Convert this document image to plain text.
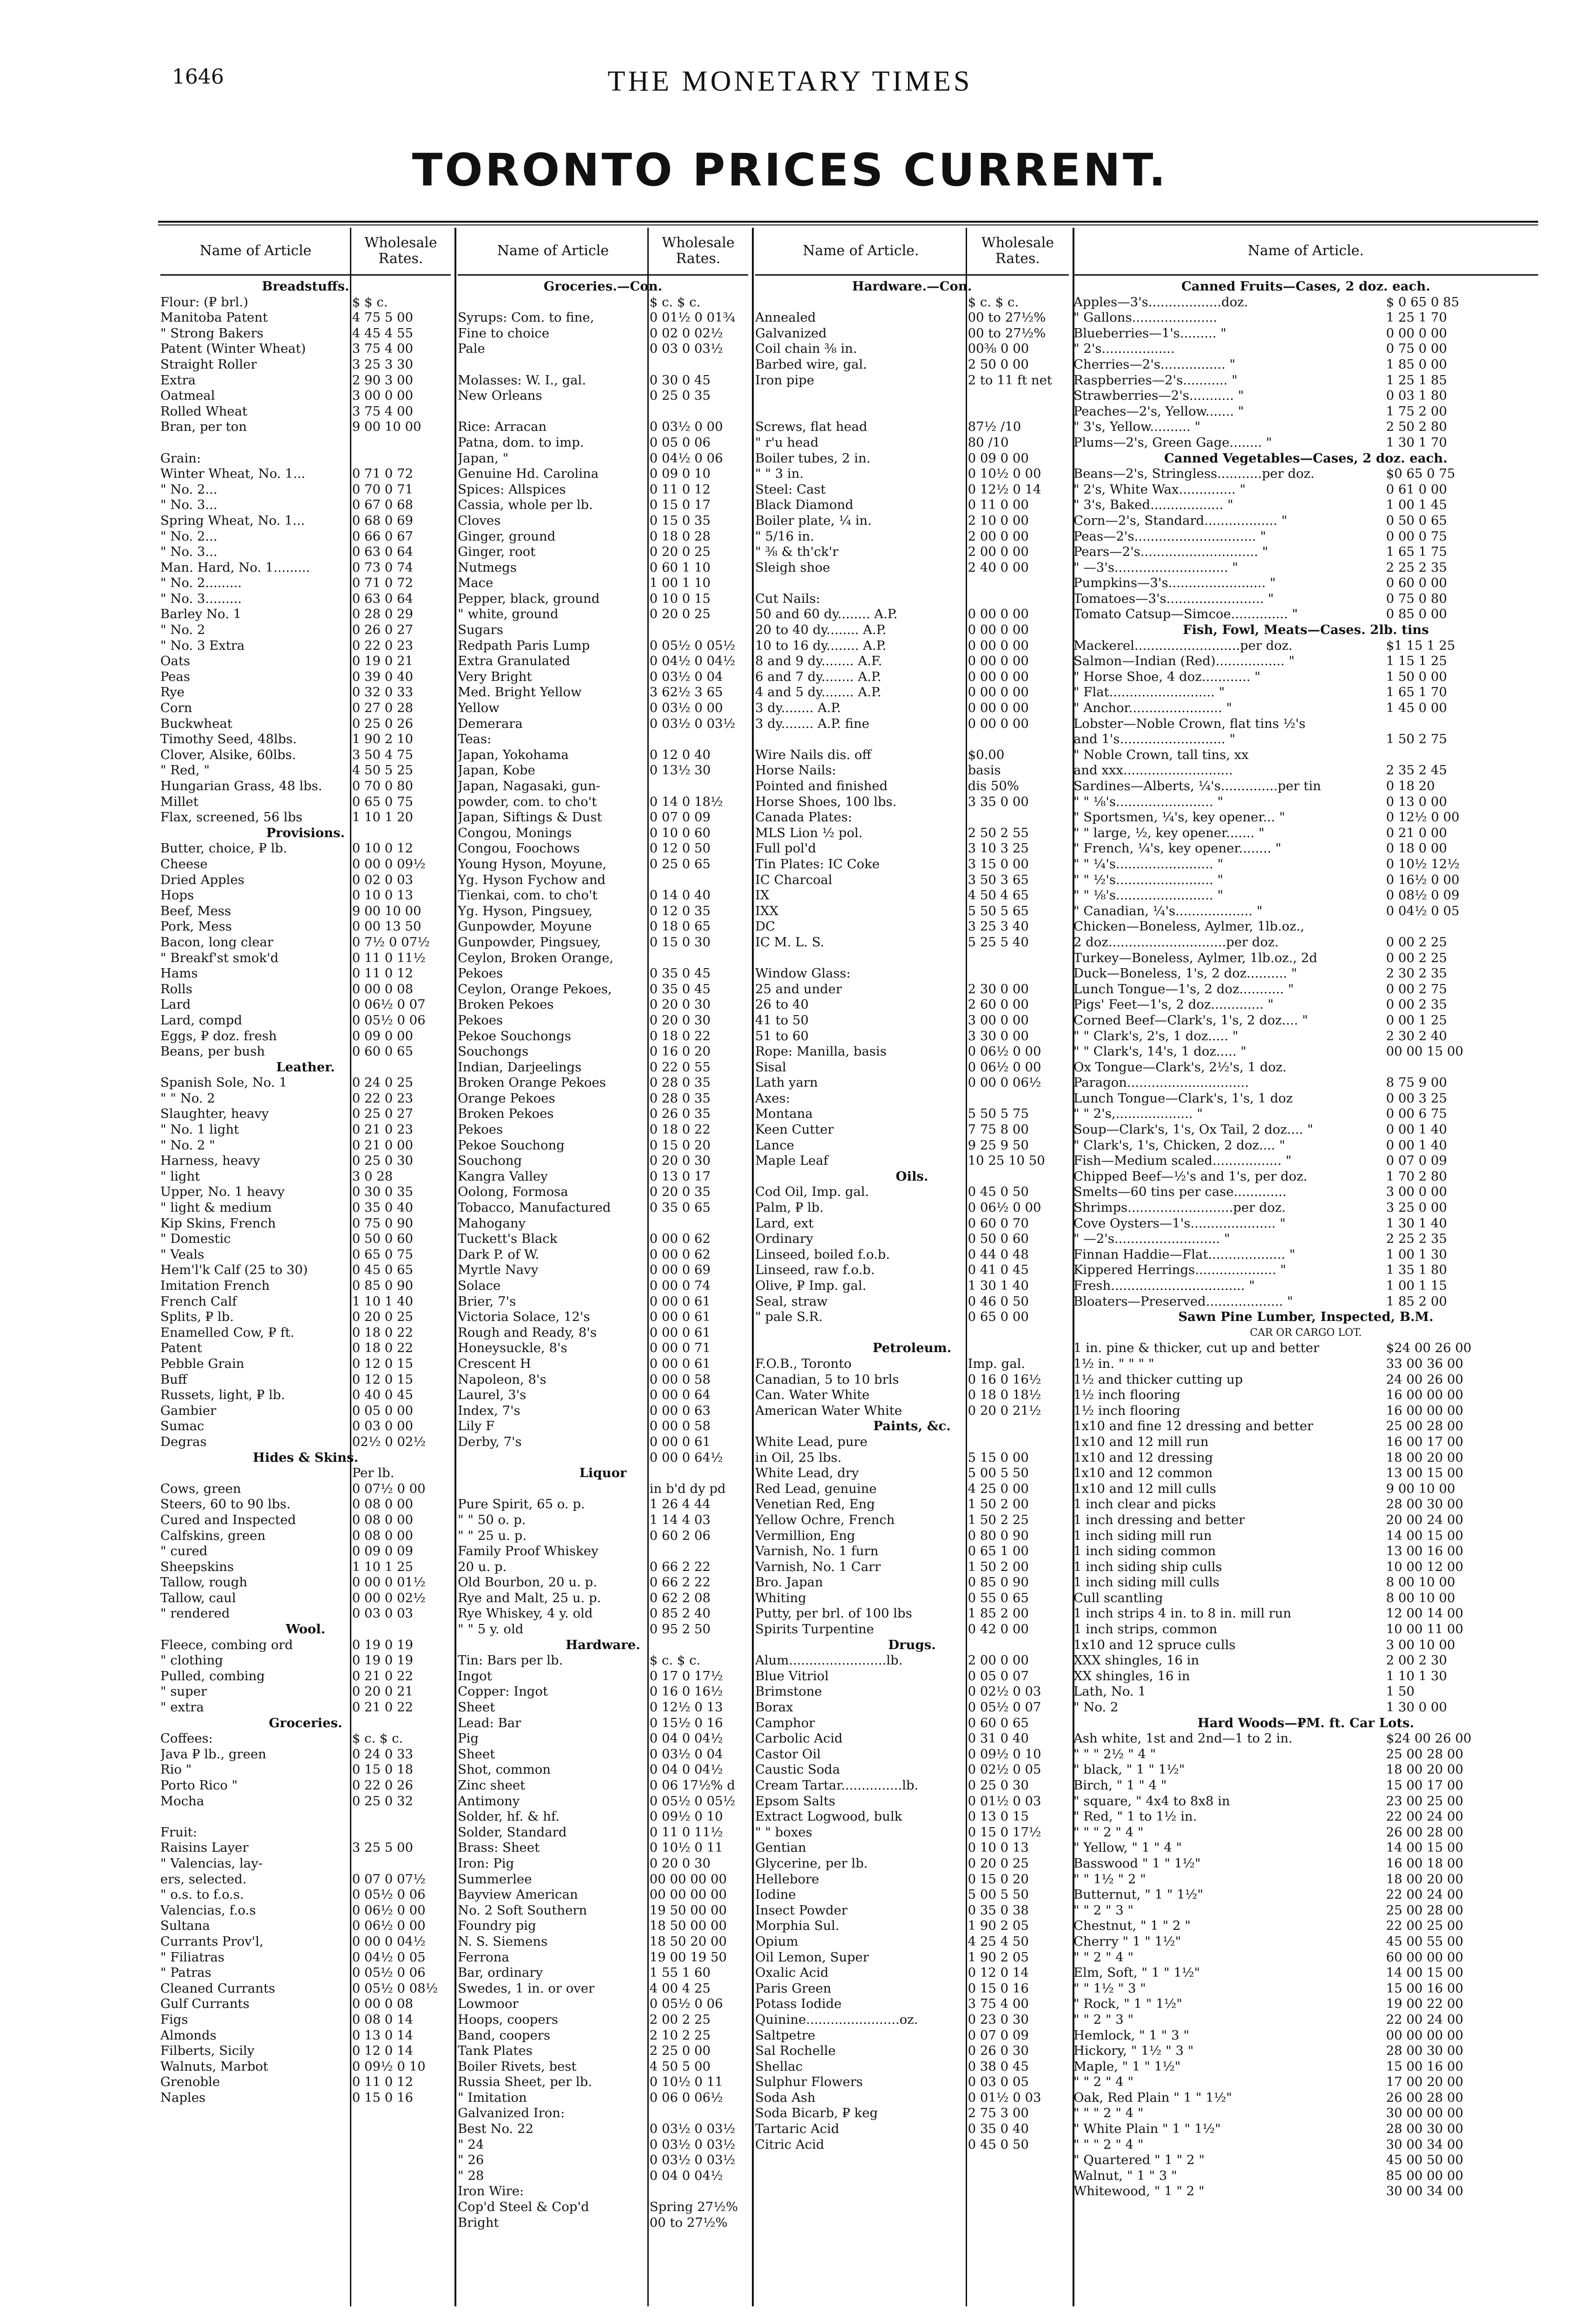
1646	THE MONETARY TIMES
TORONTO PRICES CURRENT.
Name of Article	Wholesale Rates.
Breadstuffs.
Flour: (₽ brl.)	$ $ c.
Manitoba Patent	4 75 5 00
" Strong Bakers	4 45 4 55
Patent (Winter Wheat)	3 75 4 00
Straight Roller	3 25 3 30
Extra	2 90 3 00
Oatmeal	3 00 0 00
Rolled Wheat	3 75 4 00
Bran, per ton	9 00 10 00
Grain:
Winter Wheat, No. 1...	0 71 0 72
" No. 2...	0 70 0 71
" No. 3...	0 67 0 68
Spring Wheat, No. 1...	0 68 0 69
" No. 2...	0 66 0 67
" No. 3...	0 63 0 64
Man. Hard, No. 1.........	0 73 0 74
" No. 2.........	0 71 0 72
" No. 3.........	0 63 0 64
Barley No. 1	0 28 0 29
" No. 2	0 26 0 27
" No. 3 Extra	0 22 0 23
Oats	0 19 0 21
Peas	0 39 0 40
Rye	0 32 0 33
Corn	0 27 0 28
Buckwheat	0 25 0 26
Timothy Seed, 48lbs.	1 90 2 10
Clover, Alsike, 60lbs.	3 50 4 75
" Red, "	4 50 5 25
Hungarian Grass, 48 lbs.	0 70 0 80
Millet	0 65 0 75
Flax, screened, 56 lbs	1 10 1 20
Provisions.
Butter, choice, ₽ lb.	0 10 0 12
Cheese	0 00 0 09½
Dried Apples	0 02 0 03
Hops	0 10 0 13
Beef, Mess	9 00 10 00
Pork, Mess	0 00 13 50
Bacon, long clear	0 7½ 0 07½
" Breakf'st smok'd	0 11 0 11½
Hams	0 11 0 12
Rolls	0 00 0 08
Lard	0 06½ 0 07
Lard, compd	0 05½ 0 06
Eggs, ₽ doz. fresh	0 09 0 00
Beans, per bush	0 60 0 65
Leather.
Spanish Sole, No. 1	0 24 0 25
" " No. 2	0 22 0 23
Slaughter, heavy	0 25 0 27
" No. 1 light	0 21 0 23
" No. 2 "	0 21 0 00
Harness, heavy	0 25 0 30
" light	3 0 28
Upper, No. 1 heavy	0 30 0 35
" light & medium	0 35 0 40
Kip Skins, French	0 75 0 90
" Domestic	0 50 0 60
" Veals	0 65 0 75
Hem'l'k Calf (25 to 30)	0 45 0 65
Imitation French	0 85 0 90
French Calf	1 10 1 40
Splits, ₽ lb.	0 20 0 25
Enamelled Cow, ₽ ft.	0 18 0 22
Patent	0 18 0 22
Pebble Grain	0 12 0 15
Buff	0 12 0 15
Russets, light, ₽ lb.	0 40 0 45
Gambier	0 05 0 00
Sumac	0 03 0 00
Degras	02½ 0 02½
Hides & Skins.
Per lb.
Cows, green	0 07½ 0 00
Steers, 60 to 90 lbs.	0 08 0 00
Cured and Inspected	0 08 0 00
Calfskins, green	0 08 0 00
" cured	0 09 0 09
Sheepskins	1 10 1 25
Tallow, rough	0 00 0 01½
Tallow, caul	0 00 0 02½
" rendered	0 03 0 03
Wool.
Fleece, combing ord	0 19 0 19
" clothing	0 19 0 19
Pulled, combing	0 21 0 22
" super	0 20 0 21
" extra	0 21 0 22
Groceries.
Coffees:	$ c. $ c.
Java ₽ lb., green	0 24 0 33
Rio "	0 15 0 18
Porto Rico "	0 22 0 26
Mocha	0 25 0 32
Fruit:
Raisins Layer	3 25 5 00
" Valencias, lay-
ers, selected.	0 07 0 07½
" o.s. to f.o.s.	0 05½ 0 06
Valencias, f.o.s	0 06½ 0 00
Sultana	0 06½ 0 00
Currants Prov'l,	0 00 0 04½
" Filiatras	0 04½ 0 05
" Patras	0 05½ 0 06
Cleaned Currants	0 05½ 0 08½
Gulf Currants	0 00 0 08
Figs	0 08 0 14
Almonds	0 13 0 14
Filberts, Sicily	0 12 0 14
Walnuts, Marbot	0 09½ 0 10
Grenoble	0 11 0 12
Naples	0 15 0 16
Name of Article	Wholesale Rates.
Groceries.—Con.
$ c. $ c.
Syrups: Com. to fine,	0 01½ 0 01¾
Fine to choice	0 02 0 02½
Pale	0 03 0 03½
Molasses: W. I., gal.	0 30 0 45
New Orleans	0 25 0 35
Rice: Arracan	0 03½ 0 00
Patna, dom. to imp.	0 05 0 06
Japan, "	0 04½ 0 06
Genuine Hd. Carolina	0 09 0 10
Spices: Allspices	0 11 0 12
Cassia, whole per lb.	0 15 0 17
Cloves	0 15 0 35
Ginger, ground	0 18 0 28
Ginger, root	0 20 0 25
Nutmegs	0 60 1 10
Mace	1 00 1 10
Pepper, black, ground	0 10 0 15
" white, ground	0 20 0 25
Sugars
Redpath Paris Lump	0 05½ 0 05½
Extra Granulated	0 04½ 0 04½
Very Bright	0 03½ 0 04
Med. Bright Yellow	3 62½ 3 65
Yellow	0 03½ 0 00
Demerara	0 03½ 0 03½
Teas:
Japan, Yokohama	0 12 0 40
Japan, Kobe	0 13½ 30
Japan, Nagasaki, gun-
powder, com. to cho't	0 14 0 18½
Japan, Siftings & Dust	0 07 0 09
Congou, Monings	0 10 0 60
Congou, Foochows	0 12 0 50
Young Hyson, Moyune,	0 25 0 65
Yg. Hyson Fychow and
Tienkai, com. to cho't	0 14 0 40
Yg. Hyson, Pingsuey,	0 12 0 35
Gunpowder, Moyune	0 18 0 65
Gunpowder, Pingsuey,	0 15 0 30
Ceylon, Broken Orange,
Pekoes	0 35 0 45
Ceylon, Orange Pekoes,	0 35 0 45
Broken Pekoes	0 20 0 30
Pekoes	0 20 0 30
Pekoe Souchongs	0 18 0 22
Souchongs	0 16 0 20
Indian, Darjeelings	0 22 0 55
Broken Orange Pekoes	0 28 0 35
Orange Pekoes	0 28 0 35
Broken Pekoes	0 26 0 35
Pekoes	0 18 0 22
Pekoe Souchong	0 15 0 20
Souchong	0 20 0 30
Kangra Valley	0 13 0 17
Oolong, Formosa	0 20 0 35
Tobacco, Manufactured	0 35 0 65
Mahogany
Tuckett's Black	0 00 0 62
Dark P. of W.	0 00 0 62
Myrtle Navy	0 00 0 69
Solace	0 00 0 74
Brier, 7's	0 00 0 61
Victoria Solace, 12's	0 00 0 61
Rough and Ready, 8's	0 00 0 61
Honeysuckle, 8's	0 00 0 71
Crescent H	0 00 0 61
Napoleon, 8's	0 00 0 58
Laurel, 3's	0 00 0 64
Index, 7's	0 00 0 63
Lily F	0 00 0 58
Derby, 7's	0 00 0 61
0 00 0 64½
Liquor
in b'd dy pd
Pure Spirit, 65 o. p.	1 26 4 44
" " 50 o. p.	1 14 4 03
" " 25 u. p.	0 60 2 06
Family Proof Whiskey
20 u. p.	0 66 2 22
Old Bourbon, 20 u. p.	0 66 2 22
Rye and Malt, 25 u. p.	0 62 2 08
Rye Whiskey, 4 y. old	0 85 2 40
" " 5 y. old	0 95 2 50
Hardware.
Tin: Bars per lb.	$ c. $ c.
Ingot	0 17 0 17½
Copper: Ingot	0 16 0 16½
Sheet	0 12½ 0 13
Lead: Bar	0 15½ 0 16
Pig	0 04 0 04½
Sheet	0 03½ 0 04
Shot, common	0 04 0 04½
Zinc sheet	0 06 17½% d
Antimony	0 05½ 0 05½
Solder, hf. & hf.	0 09½ 0 10
Solder, Standard	0 11 0 11½
Brass: Sheet	0 10½ 0 11
Iron: Pig	0 20 0 30
Summerlee	00 00 00 00
Bayview American	00 00 00 00
No. 2 Soft Southern	19 50 00 00
Foundry pig	18 50 00 00
N. S. Siemens	18 50 20 00
Ferrona	19 00 19 50
Bar, ordinary	1 55 1 60
Swedes, 1 in. or over	4 00 4 25
Lowmoor	0 05½ 0 06
Hoops, coopers	2 00 2 25
Band, coopers	2 10 2 25
Tank Plates	2 25 0 00
Boiler Rivets, best	4 50 5 00
Russia Sheet, per lb.	0 10½ 0 11
" Imitation	0 06 0 06½
Galvanized Iron:
Best No. 22	0 03½ 0 03½
" 24	0 03½ 0 03½
" 26	0 03½ 0 03½
" 28	0 04 0 04½
Iron Wire:
Cop'd Steel & Cop'd	Spring 27½%
Bright	00 to 27½%
Name of Article.	Wholesale Rates.
Hardware.—Con.
$ c. $ c.
Annealed	00 to 27½%
Galvanized	00 to 27½%
Coil chain ⅜ in.	00⅜ 0 00
Barbed wire, gal.	2 50 0 00
Iron pipe	2 to 11 ft net
Screws, flat head	87½ /10
" r'u head	80 /10
Boiler tubes, 2 in.	0 09 0 00
" " 3 in.	0 10½ 0 00
Steel: Cast	0 12½ 0 14
Black Diamond	0 11 0 00
Boiler plate, ¼ in.	2 10 0 00
" 5/16 in.	2 00 0 00
" ⅜ & th'ck'r	2 00 0 00
Sleigh shoe	2 40 0 00
Cut Nails:
50 and 60 dy........ A.P.	0 00 0 00
20 to 40 dy........ A.P.	0 00 0 00
10 to 16 dy........ A.P.	0 00 0 00
8 and 9 dy........ A.F.	0 00 0 00
6 and 7 dy........ A.P.	0 00 0 00
4 and 5 dy........ A.P.	0 00 0 00
3 dy........ A.P.	0 00 0 00
3 dy........ A.P. fine	0 00 0 00
Wire Nails dis. off	$0.00
Horse Nails:	basis
Pointed and finished	dis 50%
Horse Shoes, 100 lbs.	3 35 0 00
Canada Plates:
MLS Lion ½ pol.	2 50 2 55
Full pol'd	3 10 3 25
Tin Plates: IC Coke	3 15 0 00
IC Charcoal	3 50 3 65
IX	4 50 4 65
IXX	5 50 5 65
DC	3 25 3 40
IC M. L. S.	5 25 5 40
Window Glass:
25 and under	2 30 0 00
26 to 40	2 60 0 00
41 to 50	3 00 0 00
51 to 60	3 30 0 00
Rope: Manilla, basis	0 06½ 0 00
Sisal	0 06½ 0 00
Lath yarn	0 00 0 06½
Axes:
Montana	5 50 5 75
Keen Cutter	7 75 8 00
Lance	9 25 9 50
Maple Leaf	10 25 10 50
Oils.
Cod Oil, Imp. gal.	0 45 0 50
Palm, ₽ lb.	0 06½ 0 00
Lard, ext	0 60 0 70
Ordinary	0 50 0 60
Linseed, boiled f.o.b.	0 44 0 48
Linseed, raw f.o.b.	0 41 0 45
Olive, ₽ Imp. gal.	1 30 1 40
Seal, straw	0 46 0 50
" pale S.R.	0 65 0 00
Petroleum.
F.O.B., Toronto	Imp. gal.
Canadian, 5 to 10 brls	0 16 0 16½
Can. Water White	0 18 0 18½
American Water White	0 20 0 21½
Paints, &c.
White Lead, pure
in Oil, 25 lbs.	5 15 0 00
White Lead, dry	5 00 5 50
Red Lead, genuine	4 25 0 00
Venetian Red, Eng	1 50 2 00
Yellow Ochre, French	1 50 2 25
Vermillion, Eng	0 80 0 90
Varnish, No. 1 furn	0 65 1 00
Varnish, No. 1 Carr	1 50 2 00
Bro. Japan	0 85 0 90
Whiting	0 55 0 65
Putty, per brl. of 100 lbs	1 85 2 00
Spirits Turpentine	0 42 0 00
Drugs.
Alum........................lb.	2 00 0 00
Blue Vitriol	0 05 0 07
Brimstone	0 02½ 0 03
Borax	0 05½ 0 07
Camphor	0 60 0 65
Carbolic Acid	0 31 0 40
Castor Oil	0 09½ 0 10
Caustic Soda	0 02½ 0 05
Cream Tartar...............lb.	0 25 0 30
Epsom Salts	0 01½ 0 03
Extract Logwood, bulk	0 13 0 15
" " boxes	0 15 0 17½
Gentian	0 10 0 13
Glycerine, per lb.	0 20 0 25
Hellebore	0 15 0 20
Iodine	5 00 5 50
Insect Powder	0 35 0 38
Morphia Sul.	1 90 2 05
Opium	4 25 4 50
Oil Lemon, Super	1 90 2 05
Oxalic Acid	0 12 0 14
Paris Green	0 15 0 16
Potass Iodide	3 75 4 00
Quinine.......................oz.	0 23 0 30
Saltpetre	0 07 0 09
Sal Rochelle	0 26 0 30
Shellac	0 38 0 45
Sulphur Flowers	0 03 0 05
Soda Ash	0 01½ 0 03
Soda Bicarb, ₽ keg	2 75 3 00
Tartaric Acid	0 35 0 40
Citric Acid	0 45 0 50
Name of Article.
Canned Fruits—Cases, 2 doz. each.
Apples—3's..................doz.	$ 0 65 0 85
" Gallons.....................	1 25 1 70
Blueberries—1's......... "	0 00 0 00
" 2's..................	0 75 0 00
Cherries—2's................ "	1 85 0 00
Raspberries—2's........... "	1 25 1 85
Strawberries—2's........... "	0 03 1 80
Peaches—2's, Yellow....... "	1 75 2 00
" 3's, Yellow.......... "	2 50 2 80
Plums—2's, Green Gage........ "	1 30 1 70
Canned Vegetables—Cases, 2 doz. each.
Beans—2's, Stringless...........per doz.	$0 65 0 75
" 2's, White Wax.............. "	0 61 0 00
" 3's, Baked.................. "	1 00 1 45
Corn—2's, Standard.................. "	0 50 0 65
Peas—2's.............................. "	0 00 0 75
Pears—2's............................. "	1 65 1 75
" —3's............................ "	2 25 2 35
Pumpkins—3's........................ "	0 60 0 00
Tomatoes—3's........................ "	0 75 0 80
Tomato Catsup—Simcoe.............. "	0 85 0 00
Fish, Fowl, Meats—Cases. 2lb. tins
Mackerel..........................per doz.	$1 15 1 25
Salmon—Indian (Red)................. "	1 15 1 25
" Horse Shoe, 4 doz............ "	1 50 0 00
" Flat.......................... "	1 65 1 70
" Anchor....................... "	1 45 0 00
Lobster—Noble Crown, flat tins ½'s
and 1's.......................... "	1 50 2 75
" Noble Crown, tall tins, xx
and xxx...........................	2 35 2 45
Sardines—Alberts, ¼'s..............per tin	0 18 20
" " ⅛'s........................ "	0 13 0 00
" Sportsmen, ¼'s, key opener... "	0 12½ 0 00
" " large, ½, key opener....... "	0 21 0 00
" French, ¼'s, key opener........ "	0 18 0 00
" " ¼'s........................ "	0 10½ 12½
" " ½'s........................ "	0 16½ 0 00
" " ⅛'s........................ "	0 08½ 0 09
" Canadian, ¼'s................... "	0 04½ 0 05
Chicken—Boneless, Aylmer, 1lb.oz.,
2 doz.............................per doz.	0 00 2 25
Turkey—Boneless, Aylmer, 1lb.oz., 2d	0 00 2 25
Duck—Boneless, 1's, 2 doz.......... "	2 30 2 35
Lunch Tongue—1's, 2 doz........... "	0 00 2 75
Pigs' Feet—1's, 2 doz............. "	0 00 2 35
Corned Beef—Clark's, 1's, 2 doz.... "	0 00 1 25
" " Clark's, 2's, 1 doz..... "	2 30 2 40
" " Clark's, 14's, 1 doz..... "	00 00 15 00
Ox Tongue—Clark's, 2½'s, 1 doz.
Paragon..............................	8 75 9 00
Lunch Tongue—Clark's, 1's, 1 doz	0 00 3 25
" " 2's,................... "	0 00 6 75
Soup—Clark's, 1's, Ox Tail, 2 doz.... "	0 00 1 40
" Clark's, 1's, Chicken, 2 doz.... "	0 00 1 40
Fish—Medium scaled................. "	0 07 0 09
Chipped Beef—½'s and 1's, per doz.	1 70 2 80
Smelts—60 tins per case.............	3 00 0 00
Shrimps..........................per doz.	3 25 0 00
Cove Oysters—1's..................... "	1 30 1 40
" —2's.......................... "	2 25 2 35
Finnan Haddie—Flat................... "	1 00 1 30
Kippered Herrings.................... "	1 35 1 80
Fresh................................. "	1 00 1 15
Bloaters—Preserved................... "	1 85 2 00
Sawn Pine Lumber, Inspected, B.M.
CAR OR CARGO LOT.
1 in. pine & thicker, cut up and better	$24 00 26 00
1½ in. " " " "	33 00 36 00
1½ and thicker cutting up	24 00 26 00
1½ inch flooring	16 00 00 00
1½ inch flooring	16 00 00 00
1x10 and fine 12 dressing and better	25 00 28 00
1x10 and 12 mill run	16 00 17 00
1x10 and 12 dressing	18 00 20 00
1x10 and 12 common	13 00 15 00
1x10 and 12 mill culls	9 00 10 00
1 inch clear and picks	28 00 30 00
1 inch dressing and better	20 00 24 00
1 inch siding mill run	14 00 15 00
1 inch siding common	13 00 16 00
1 inch siding ship culls	10 00 12 00
1 inch siding mill culls	8 00 10 00
Cull scantling	8 00 10 00
1 inch strips 4 in. to 8 in. mill run	12 00 14 00
1 inch strips, common	10 00 11 00
1x10 and 12 spruce culls	3 00 10 00
XXX shingles, 16 in	2 00 2 30
XX shingles, 16 in	1 10 1 30
Lath, No. 1	1 50
" No. 2	1 30 0 00
Hard Woods—₽M. ft. Car Lots.
Ash white, 1st and 2nd—1 to 2 in.	$24 00 26 00
" " " 2½ " 4 "	25 00 28 00
" black, " 1 " 1½"	18 00 20 00
Birch, " 1 " 4 "	15 00 17 00
" square, " 4x4 to 8x8 in	23 00 25 00
" Red, " 1 to 1½ in.	22 00 24 00
" " " 2 " 4 "	26 00 28 00
" Yellow, " 1 " 4 "	14 00 15 00
Basswood " 1 " 1½"	16 00 18 00
" " 1½ " 2 "	18 00 20 00
Butternut, " 1 " 1½"	22 00 24 00
" " 2 " 3 "	25 00 28 00
Chestnut, " 1 " 2 "	22 00 25 00
Cherry " 1 " 1½"	45 00 55 00
" " 2 " 4 "	60 00 00 00
Elm, Soft, " 1 " 1½"	14 00 15 00
" " 1½ " 3 "	15 00 16 00
" Rock, " 1 " 1½"	19 00 22 00
" " 2 " 3 "	22 00 24 00
Hemlock, " 1 " 3 "	00 00 00 00
Hickory, " 1½ " 3 "	28 00 30 00
Maple, " 1 " 1½"	15 00 16 00
" " 2 " 4 "	17 00 20 00
Oak, Red Plain " 1 " 1½"	26 00 28 00
" " " 2 " 4 "	30 00 00 00
" White Plain " 1 " 1½"	28 00 30 00
" " " 2 " 4 "	30 00 34 00
" Quartered " 1 " 2 "	45 00 50 00
Walnut, " 1 " 3 "	85 00 00 00
Whitewood, " 1 " 2 "	30 00 34 00
